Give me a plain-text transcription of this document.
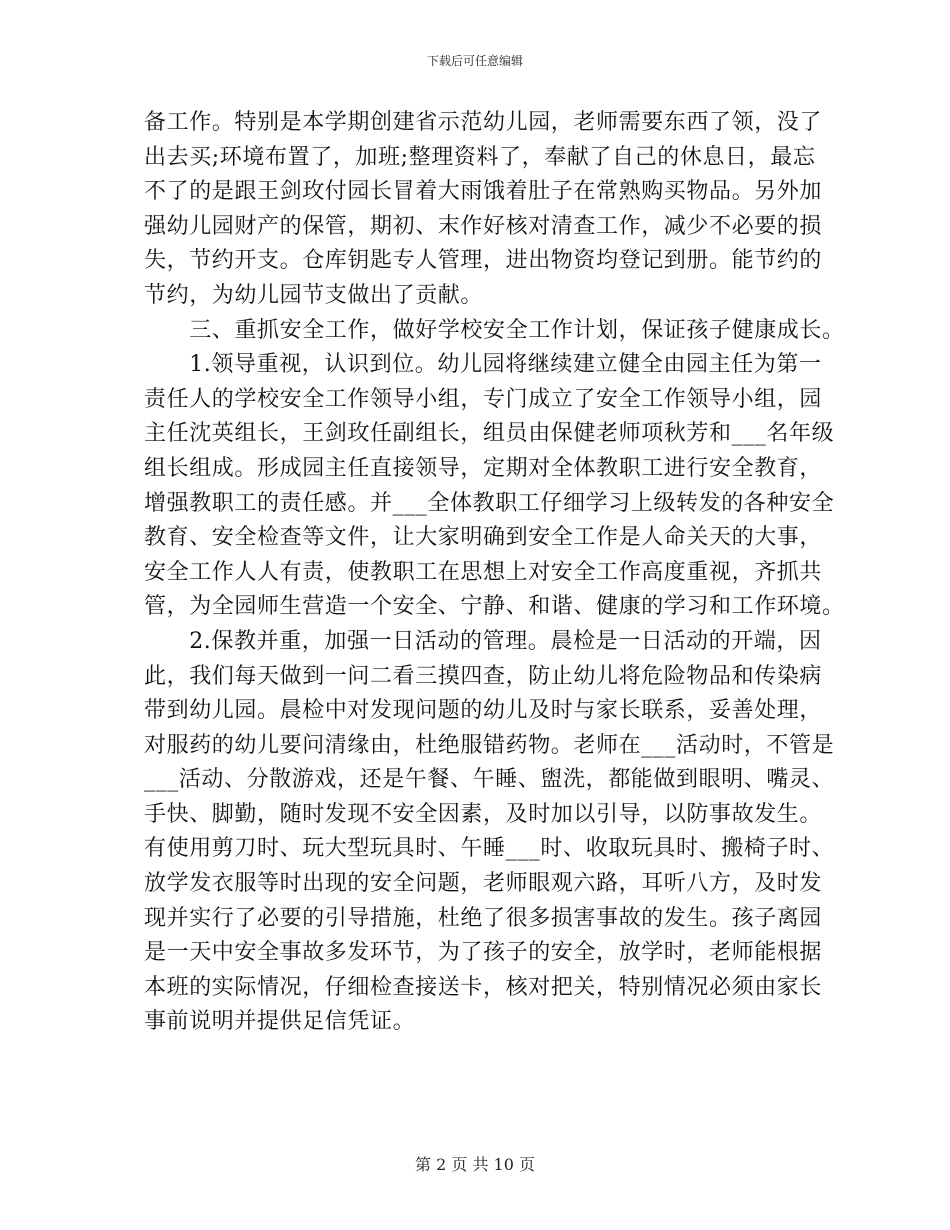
下载后可任意编辑
备工作。特别是本学期创建省示范幼儿园，老师需要东西了领，没了
出去买;环境布置了，加班;整理资料了，奉献了自己的休息日，最忘
不了的是跟王剑玫付园长冒着大雨饿着肚子在常熟购买物品。另外加
强幼儿园财产的保管，期初、末作好核对清查工作，减少不必要的损
失，节约开支。仓库钥匙专人管理，进出物资均登记到册。能节约的
节约，为幼儿园节支做出了贡献。
　　三、重抓安全工作，做好学校安全工作计划，保证孩子健康成长。
　　1.领导重视，认识到位。幼儿园将继续建立健全由园主任为第一
责任人的学校安全工作领导小组，专门成立了安全工作领导小组，园
主任沈英组长，王剑玫任副组长，组员由保健老师项秋芳和___名年级
组长组成。形成园主任直接领导，定期对全体教职工进行安全教育，
增强教职工的责任感。并___全体教职工仔细学习上级转发的各种安全
教育、安全检查等文件，让大家明确到安全工作是人命关天的大事，
安全工作人人有责，使教职工在思想上对安全工作高度重视，齐抓共
管，为全园师生营造一个安全、宁静、和谐、健康的学习和工作环境。
　　2.保教并重，加强一日活动的管理。晨检是一日活动的开端，因
此，我们每天做到一问二看三摸四查，防止幼儿将危险物品和传染病
带到幼儿园。晨检中对发现问题的幼儿及时与家长联系，妥善处理，
对服药的幼儿要问清缘由，杜绝服错药物。老师在___活动时，不管是
___活动、分散游戏，还是午餐、午睡、盥洗，都能做到眼明、嘴灵、
手快、脚勤，随时发现不安全因素，及时加以引导，以防事故发生。
有使用剪刀时、玩大型玩具时、午睡___时、收取玩具时、搬椅子时、
放学发衣服等时出现的安全问题，老师眼观六路，耳听八方，及时发
现并实行了必要的引导措施，杜绝了很多损害事故的发生。孩子离园
是一天中安全事故多发环节，为了孩子的安全，放学时，老师能根据
本班的实际情况，仔细检查接送卡，核对把关，特别情况必须由家长
事前说明并提供足信凭证。
第 2 页 共 10 页
